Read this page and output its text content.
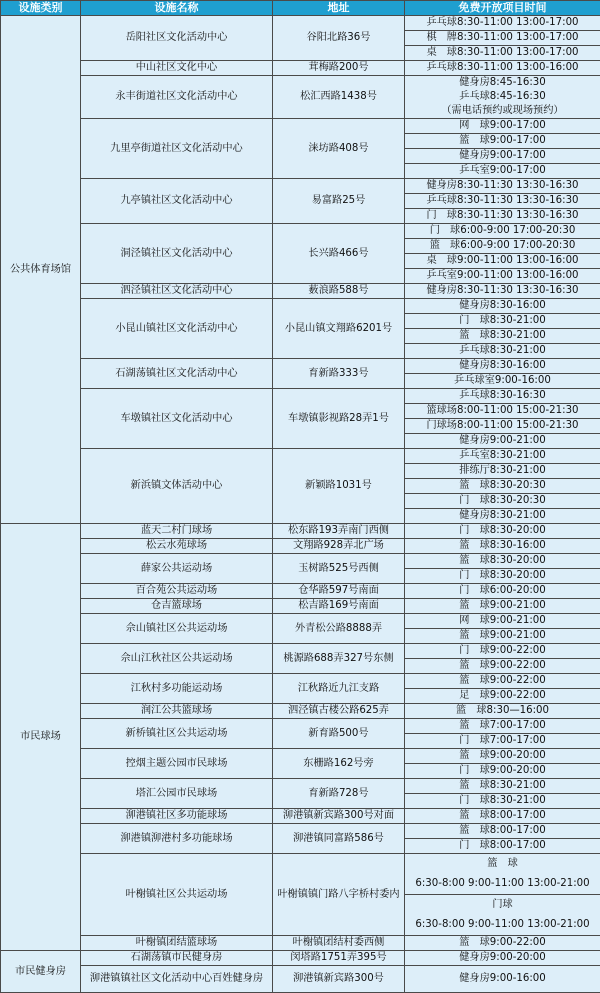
设施类别	设施名称	地址	免费开放项目时间
公共体育场馆	岳阳社区文化活动中心	谷阳北路36号	乒乓球8:30-11:00 13:00-17:00
棋　牌8:30-11:00 13:00-17:00
桌　球8:30-11:00 13:00-17:00

	中山社区文化中心	茸梅路200号	乒乓球8:30-11:00 13:00-16:00

	永丰街道社区文化活动中心	松汇西路1438号	健身房8:45-16:30
乒乓球8:45-16:30
（需电话预约或现场预约）

	九里亭街道社区文化活动中心	涞坊路408号	网　球9:00-17:00
篮　球9:00-17:00
健身房9:00-17:00
乒乓室9:00-17:00

	九亭镇社区文化活动中心	易富路25号	健身房8:30-11:30 13:30-16:30
乒乓球8:30-11:30 13:30-16:30
门　球8:30-11:30 13:30-16:30

	洞泾镇社区文化活动中心	长兴路466号	门　球6:00-9:00 17:00-20:30
篮　球6:00-9:00 17:00-20:30
桌　球9:00-11:00 13:00-16:00
乒乓室9:00-11:00 13:00-16:00

	泗泾镇社区文化活动中心	薮浪路588号	健身房8:30-11:30 13:30-16:30

	小昆山镇社区文化活动中心	小昆山镇文翔路6201号	健身房8:30-16:00
门　球8:30-21:00
篮　球8:30-21:00
乒乓球8:30-21:00

	石湖荡镇社区文化活动中心	育新路333号	健身房8:30-16:00
乒乓球室9:00-16:00

	车墩镇社区文化活动中心	车墩镇影视路28弄1号	乒乓球8:30-16:30
篮球场8:00-11:00 15:00-21:30
门球场8:00-11:00 15:00-21:30
健身房9:00-21:00

	新浜镇文体活动中心	新颖路1031号	乒乓室8:30-21:00
排练厅8:30-21:00
篮　球8:30-20:30
门　球8:30-20:30
健身房8:30-21:00

市民球场	蓝天二村门球场	松东路193弄南门西侧	门　球8:30-20:00

	松云水苑球场	文翔路928弄北广场	篮　球8:30-16:00

	薛家公共运动场	玉树路525号西侧	篮　球8:30-20:00
门　球8:30-20:00

	百合苑公共运动场	仓华路597号南面	门　球6:00-20:00

	仓吉篮球场	松吉路169号南面	篮　球9:00-21:00

	佘山镇社区公共运动场	外青松公路8888弄	网　球9:00-21:00
篮　球9:00-21:00

	佘山江秋社区公共运动场	桃源路688弄327号东侧	门　球9:00-22:00
篮　球9:00-22:00

	江秋村多功能运动场	江秋路近九江支路	篮　球9:00-22:00
足　球9:00-22:00

	润江公共篮球场	泗泾镇古楼公路625弄	篮　球8:30—16:00

	新桥镇社区公共运动场	新育路500号	篮　球7:00-17:00
门　球7:00-17:00

	控烟主题公园市民球场	东栅路162号旁	篮　球9:00-20:00
门　球9:00-20:00

	塔汇公园市民球场	育新路728号	篮　球8:30-21:00
门　球8:30-21:00

	泖港镇社区多功能球场	泖港镇新宾路300号对面	篮　球8:00-17:00

	泖港镇泖港村多功能球场	泖港镇同富路586号	篮　球8:00-17:00
门　球8:00-17:00

	叶榭镇社区公共运动场	叶榭镇镇门路八字桥村委内	篮　球
6:30-8:00 9:00-11:00 13:00-21:00
门球
6:30-8:00 9:00-11:00 13:00-21:00

	叶榭镇团结篮球场	叶榭镇团结村委西侧	篮　球9:00-22:00

市民健身房	石湖荡镇市民健身房	闵塔路1751弄395号	健身房9:00-20:00

	泖港镇镇社区文化活动中心百姓健身房	泖港镇新宾路300号	健身房9:00-16:00
